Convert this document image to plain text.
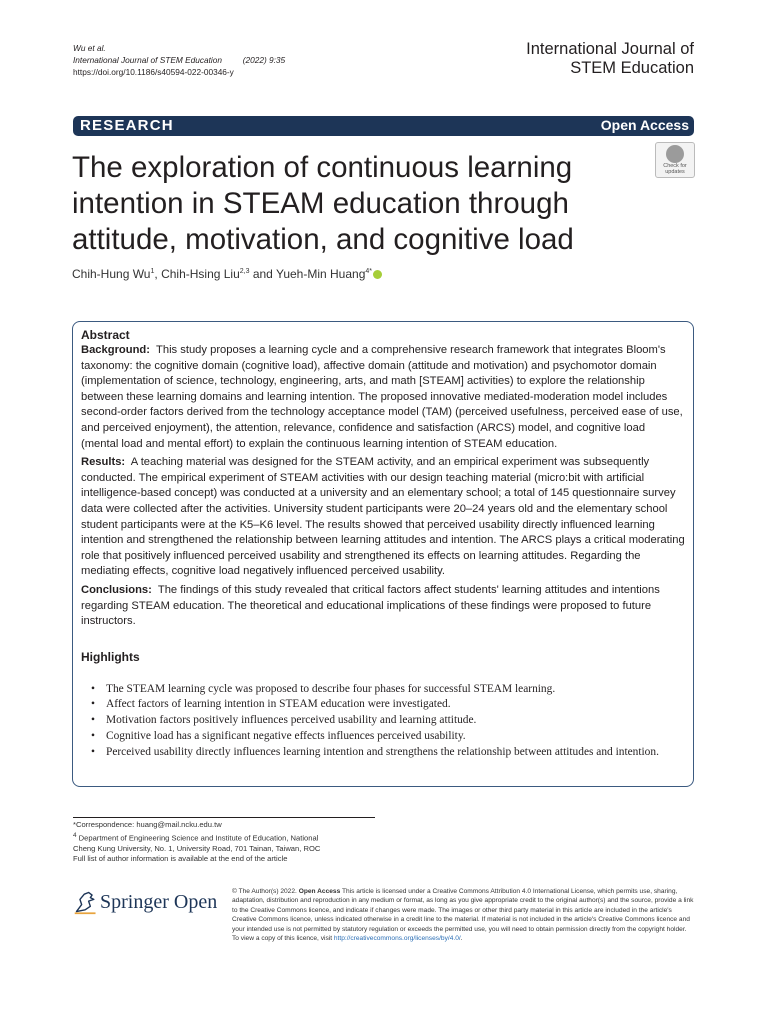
Wu et al.
International Journal of STEM Education	(2022) 9:35
https://doi.org/10.1186/s40594-022-00346-y
International Journal of
STEM Education
RESEARCH	Open Access
The exploration of continuous learning intention in STEAM education through attitude, motivation, and cognitive load
Check for
updates
Chih-Hung Wu$^1$, Chih-Hsing Liu$^{2,3}$ and Yueh-Min Huang$^{4*}$
Abstract

Background: This study proposes a learning cycle and a comprehensive research framework that integrates Bloom's taxonomy: the cognitive domain (cognitive load), affective domain (attitude and motivation) and psychomotor domain (implementation of science, technology, engineering, arts, and math [STEAM] activities) to explore the relationship between these learning domains and learning intention. The proposed innovative mediated-moderation model includes second-order factors derived from the technology acceptance model (TAM) (perceived usefulness, perceived ease of use, and perceived enjoyment), the attention, relevance, confidence and satisfaction (ARCS) model, and cognitive load (mental load and mental effort) to explain the continuous learning intention of STEAM education.

Results: A teaching material was designed for the STEAM activity, and an empirical experiment was subsequently conducted. The empirical experiment of STEAM activities with our design teaching material (micro:bit with artificial intelligence-based concept) was conducted at a university and an elementary school; a total of 145 questionnaire survey data were collected after the activities. University student participants were 20–24 years old and the elementary school student participants were at the K5–K6 level. The results showed that perceived usability directly influenced learning intention and strengthened the relationship between learning attitudes and intention. The ARCS plays a critical moderating role that positively influenced perceived usability and strengthened its effects on learning attitudes. Regarding the mediating effects, cognitive load negatively influenced perceived usability.

Conclusions: The findings of this study revealed that critical factors affect students' learning attitudes and intentions regarding STEAM education. The theoretical and educational implications of these findings were proposed to future instructors.

Highlights
• The STEAM learning cycle was proposed to describe four phases for successful STEAM learning.
• Affect factors of learning intention in STEAM education were investigated.
• Motivation factors positively influences perceived usability and learning attitude.
• Cognitive load has a significant negative effects influences perceived usability.
• Perceived usability directly influences learning intention and strengthens the relationship between attitudes and intention.
*Correspondence: huang@mail.ncku.edu.tw
$^4$ Department of Engineering Science and Institute of Education, National
Cheng Kung University, No. 1, University Road, 701 Tainan, Taiwan, ROC
Full list of author information is available at the end of the article
Springer Open © The Author(s) 2022. Open Access This article is licensed under a Creative Commons Attribution 4.0 International License, which permits use, sharing, adaptation, distribution and reproduction in any medium or format, as long as you give appropriate credit to the original author(s) and the source, provide a link to the Creative Commons licence, and indicate if changes were made. The images or other third party material in this article are included in the article's Creative Commons licence, unless indicated otherwise in a credit line to the material. If material is not included in the article's Creative Commons licence and your intended use is not permitted by statutory regulation or exceeds the permitted use, you will need to obtain permission directly from the copyright holder. To view a copy of this licence, visit http://creativecommons.org/licenses/by/4.0/.
